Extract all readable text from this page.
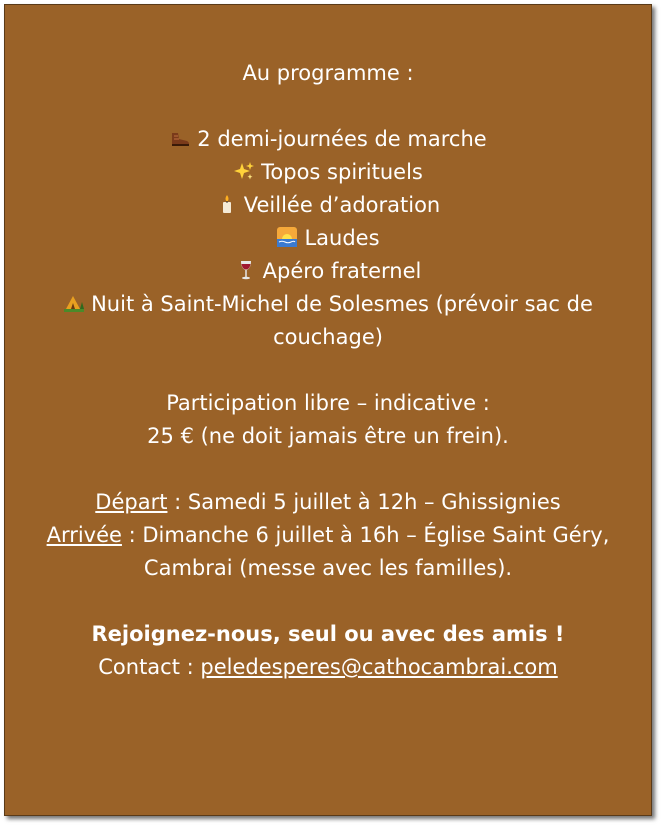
Au programme :
2 demi-journées de marche
Topos spirituels
Veillée d’adoration
Laudes
Apéro fraternel
Nuit à Saint-Michel de Solesmes (prévoir sac de couchage)
Participation libre – indicative :
25 € (ne doit jamais être un frein).
Départ : Samedi 5 juillet à 12h – Ghissignies
Arrivée : Dimanche 6 juillet à 16h – Église Saint Géry, Cambrai (messe avec les familles).
Rejoignez-nous, seul ou avec des amis !
Contact : peledesperes@cathocambrai.com
